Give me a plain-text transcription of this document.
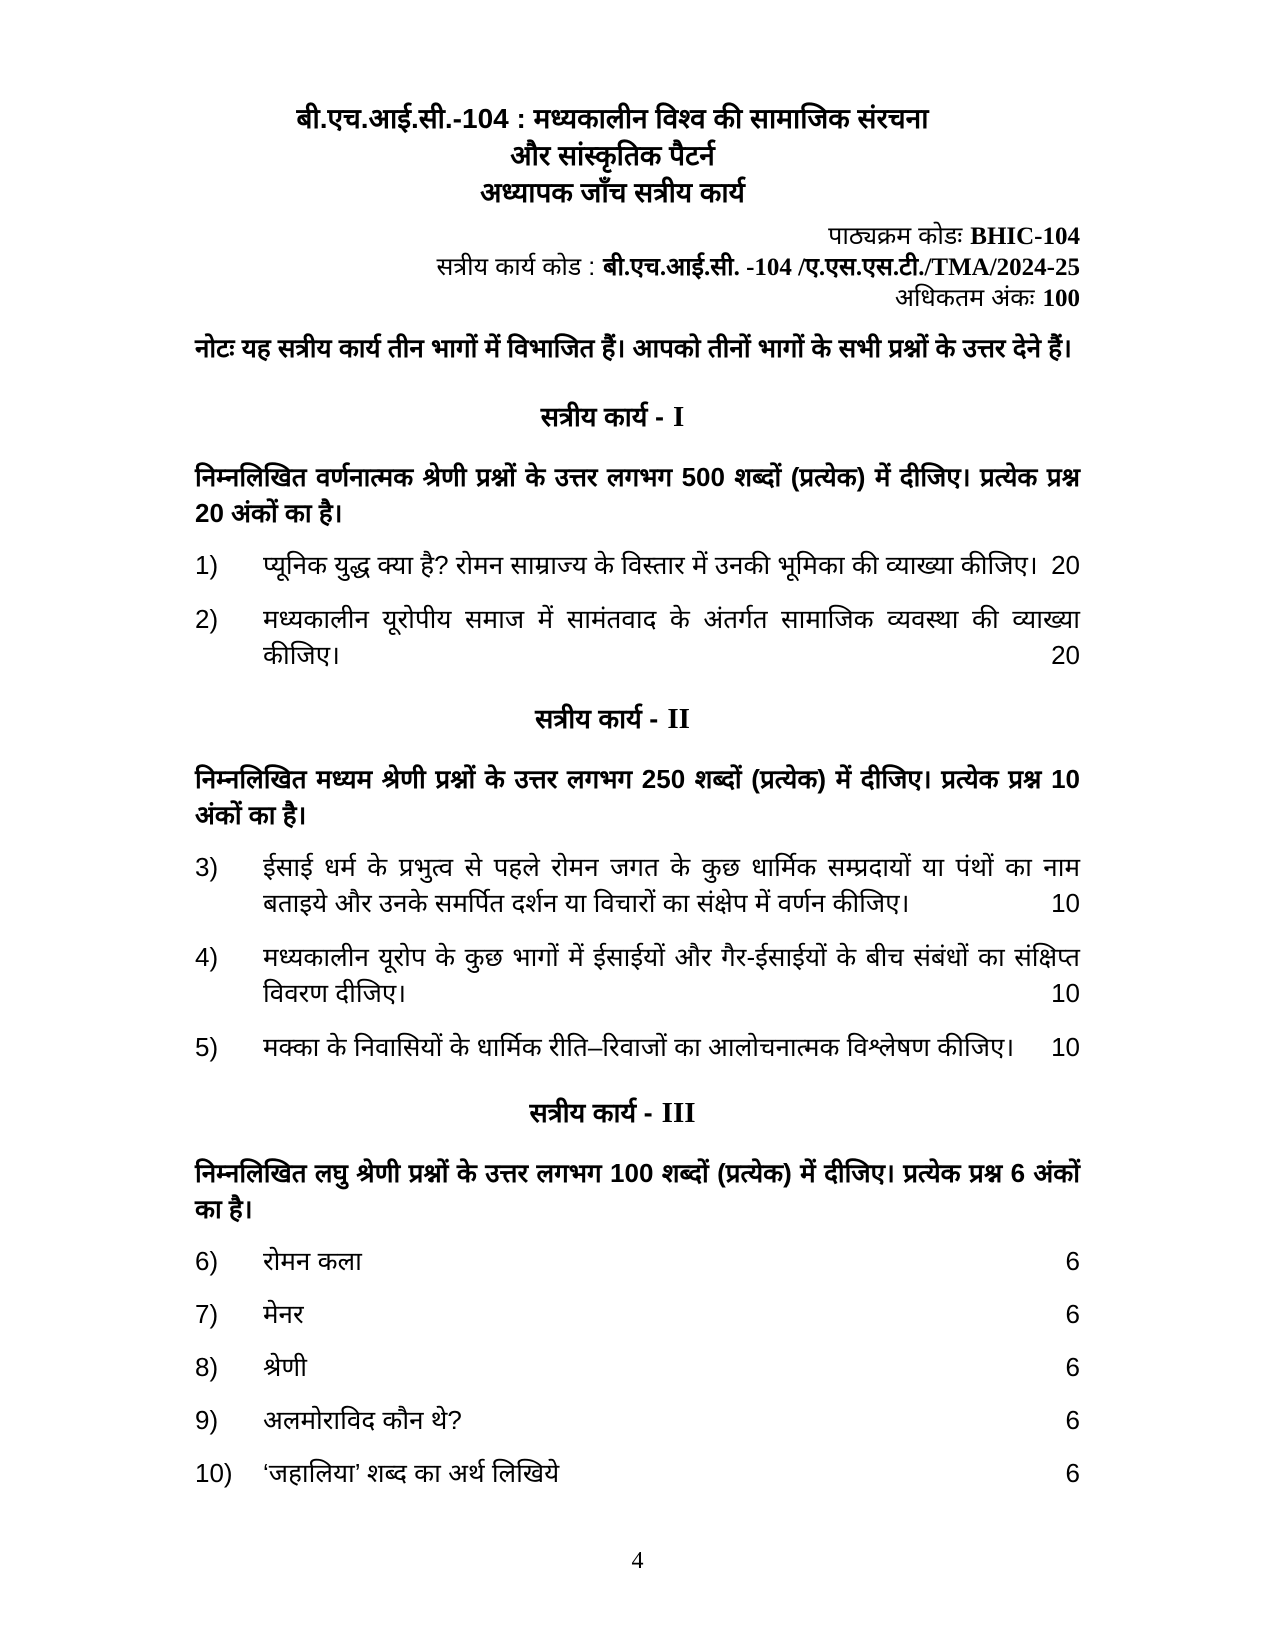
बी.एच.आई.सी.-104 : मध्यकालीन विश्व की सामाजिक संरचना
और सांस्कृतिक पैटर्न
अध्यापक जाँच सत्रीय कार्य
पाठ्यक्रम कोडः BHIC-104
सत्रीय कार्य कोड : बी.एच.आई.सी. -104 /ए.एस.एस.टी./TMA/2024-25
अधिकतम अंकः 100
नोटः यह सत्रीय कार्य तीन भागों में विभाजित हैं। आपको तीनों भागों के सभी प्रश्नों के उत्तर देने हैं।
सत्रीय कार्य - I
निम्नलिखित वर्णनात्मक श्रेणी प्रश्नों के उत्तर लगभग 500 शब्दों (प्रत्येक) में दीजिए। प्रत्येक प्रश्न 20 अंकों का है।
1) प्यूनिक युद्ध क्या है? रोमन साम्राज्य के विस्तार में उनकी भूमिका की व्याख्या कीजिए। 20
2) मध्यकालीन यूरोपीय समाज में सामंतवाद के अंतर्गत सामाजिक व्यवस्था की व्याख्या कीजिए।	20
सत्रीय कार्य - II
निम्नलिखित मध्यम श्रेणी प्रश्नों के उत्तर लगभग 250 शब्दों (प्रत्येक) में दीजिए। प्रत्येक प्रश्न 10 अंकों का है।
3) ईसाई धर्म के प्रभुत्व से पहले रोमन जगत के कुछ धार्मिक सम्प्रदायों या पंथों का नाम बताइये और उनके समर्पित दर्शन या विचारों का संक्षेप में वर्णन कीजिए।	10
4) मध्यकालीन यूरोप के कुछ भागों में ईसाईयों और गैर-ईसाईयों के बीच संबंधों का संक्षिप्त विवरण दीजिए।	10
5) मक्का के निवासियों के धार्मिक रीति–रिवाजों का आलोचनात्मक विश्लेषण कीजिए।	10
सत्रीय कार्य - III
निम्नलिखित लघु श्रेणी प्रश्नों के उत्तर लगभग 100 शब्दों (प्रत्येक) में दीजिए। प्रत्येक प्रश्न 6 अंकों का है।
6) रोमन कला	6
7) मेनर	6
8) श्रेणी	6
9) अलमोराविद कौन थे?	6
10) ‘जहालिया’ शब्द का अर्थ लिखिये	6
4
